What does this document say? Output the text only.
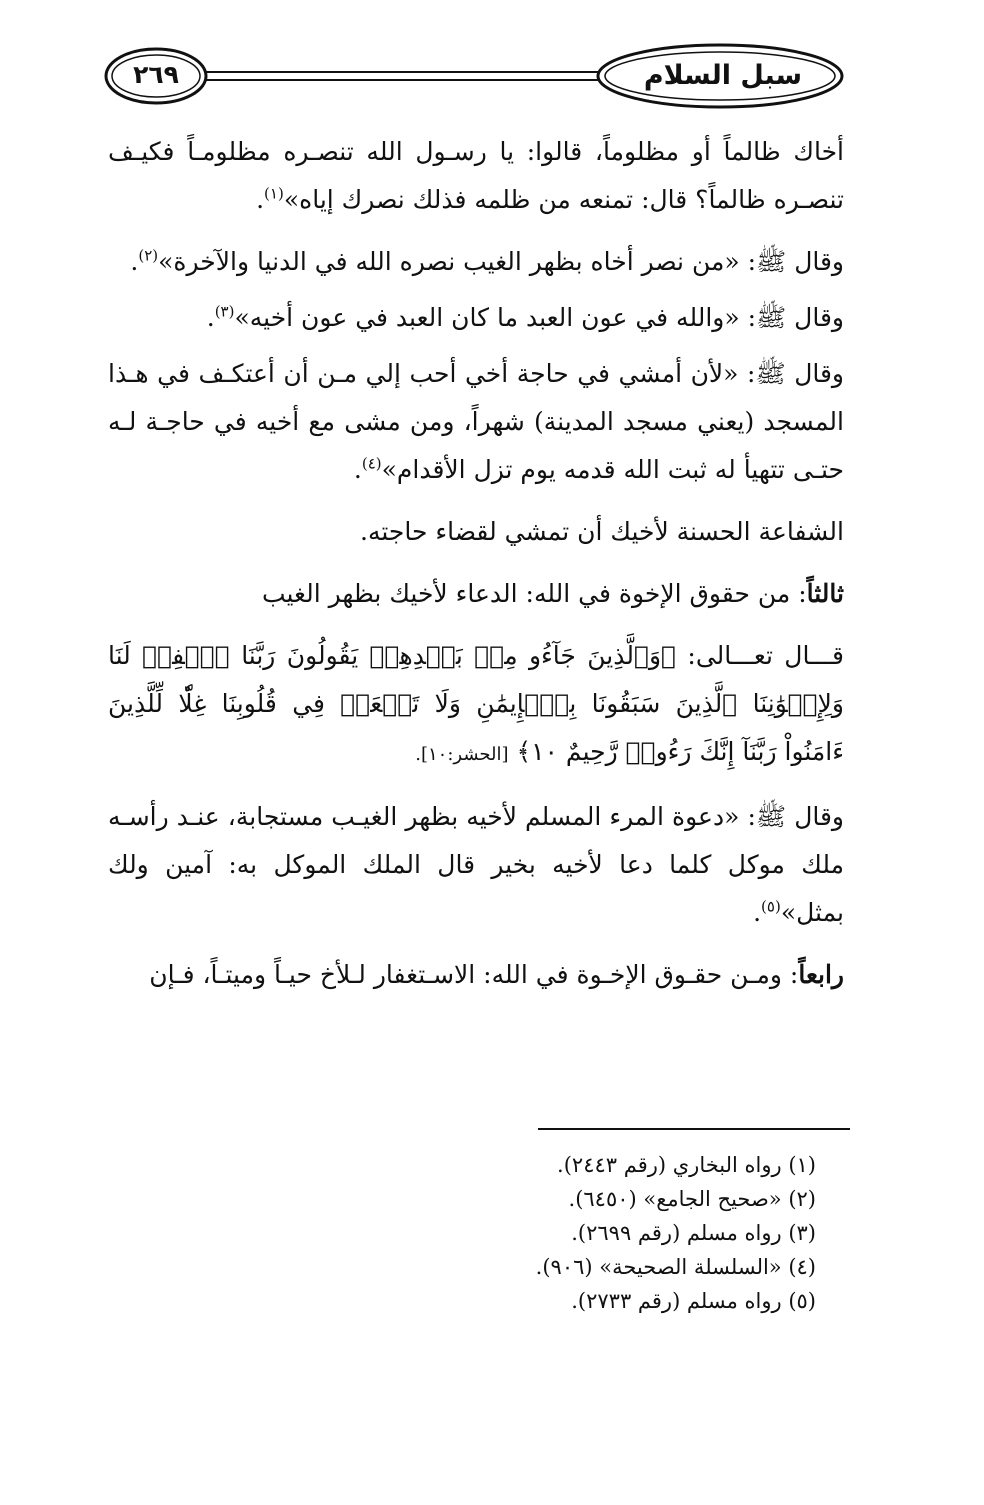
٢٦٩	سبل السلام

أخاك ظالماً أو مظلوماً، قالوا: يا رسـول الله تنصـره مظلومـاً فكيـف تنصـره ظالماً؟ قال: تمنعه من ظلمه فذلك نصرك إياه»$^{(١)}$.

وقال ﷺ: «من نصر أخاه بظهر الغيب نصره الله في الدنيا والآخرة»$^{(٢)}$.

وقال ﷺ: «والله في عون العبد ما كان العبد في عون أخيه»$^{(٣)}$.

وقال ﷺ: «لأن أمشي في حاجة أخي أحب إلي مـن أن أعتكـف في هـذا المسجد (يعني مسجد المدينة) شهراً، ومن مشى مع أخيه في حاجـة لـه حتـى تتهيأ له ثبت الله قدمه يوم تزل الأقدام»$^{(٤)}$.

الشفاعة الحسنة لأخيك أن تمشي لقضاء حاجته.

ثالثاً: من حقوق الإخوة في الله: الدعاء لأخيك بظهر الغيب

قـــال تعـــالى: ﴿وَٱلَّذِينَ جَآءُو مِنۢ بَعۡدِهِمۡ يَقُولُونَ رَبَّنَا ٱغۡفِرۡ لَنَا وَلِإِخۡوَٰنِنَا ٱلَّذِينَ سَبَقُونَا بِٱلۡإِيمَٰنِ وَلَا تَجۡعَلۡ فِي قُلُوبِنَا غِلّٗا لِّلَّذِينَ ءَامَنُواْ رَبَّنَآ إِنَّكَ رَءُوفٞ رَّحِيمٌ ١٠﴾ [الحشر:١٠].

وقال ﷺ: «دعوة المرء المسلم لأخيه بظهر الغيـب مستجابة، عنـد رأسـه ملك موكل كلما دعا لأخيه بخير قال الملك الموكل به: آمين ولك بمثل»$^{(٥)}$.

رابعاً: ومـن حقـوق الإخـوة في الله: الاسـتغفار لـلأخ حيـاً وميتـاً، فـإن

(١) رواه البخاري (رقم ٢٤٤٣).

(٢) «صحيح الجامع» (٦٤٥٠).

(٣) رواه مسلم (رقم ٢٦٩٩).

(٤) «السلسلة الصحيحة» (٩٠٦).

(٥) رواه مسلم (رقم ٢٧٣٣).
